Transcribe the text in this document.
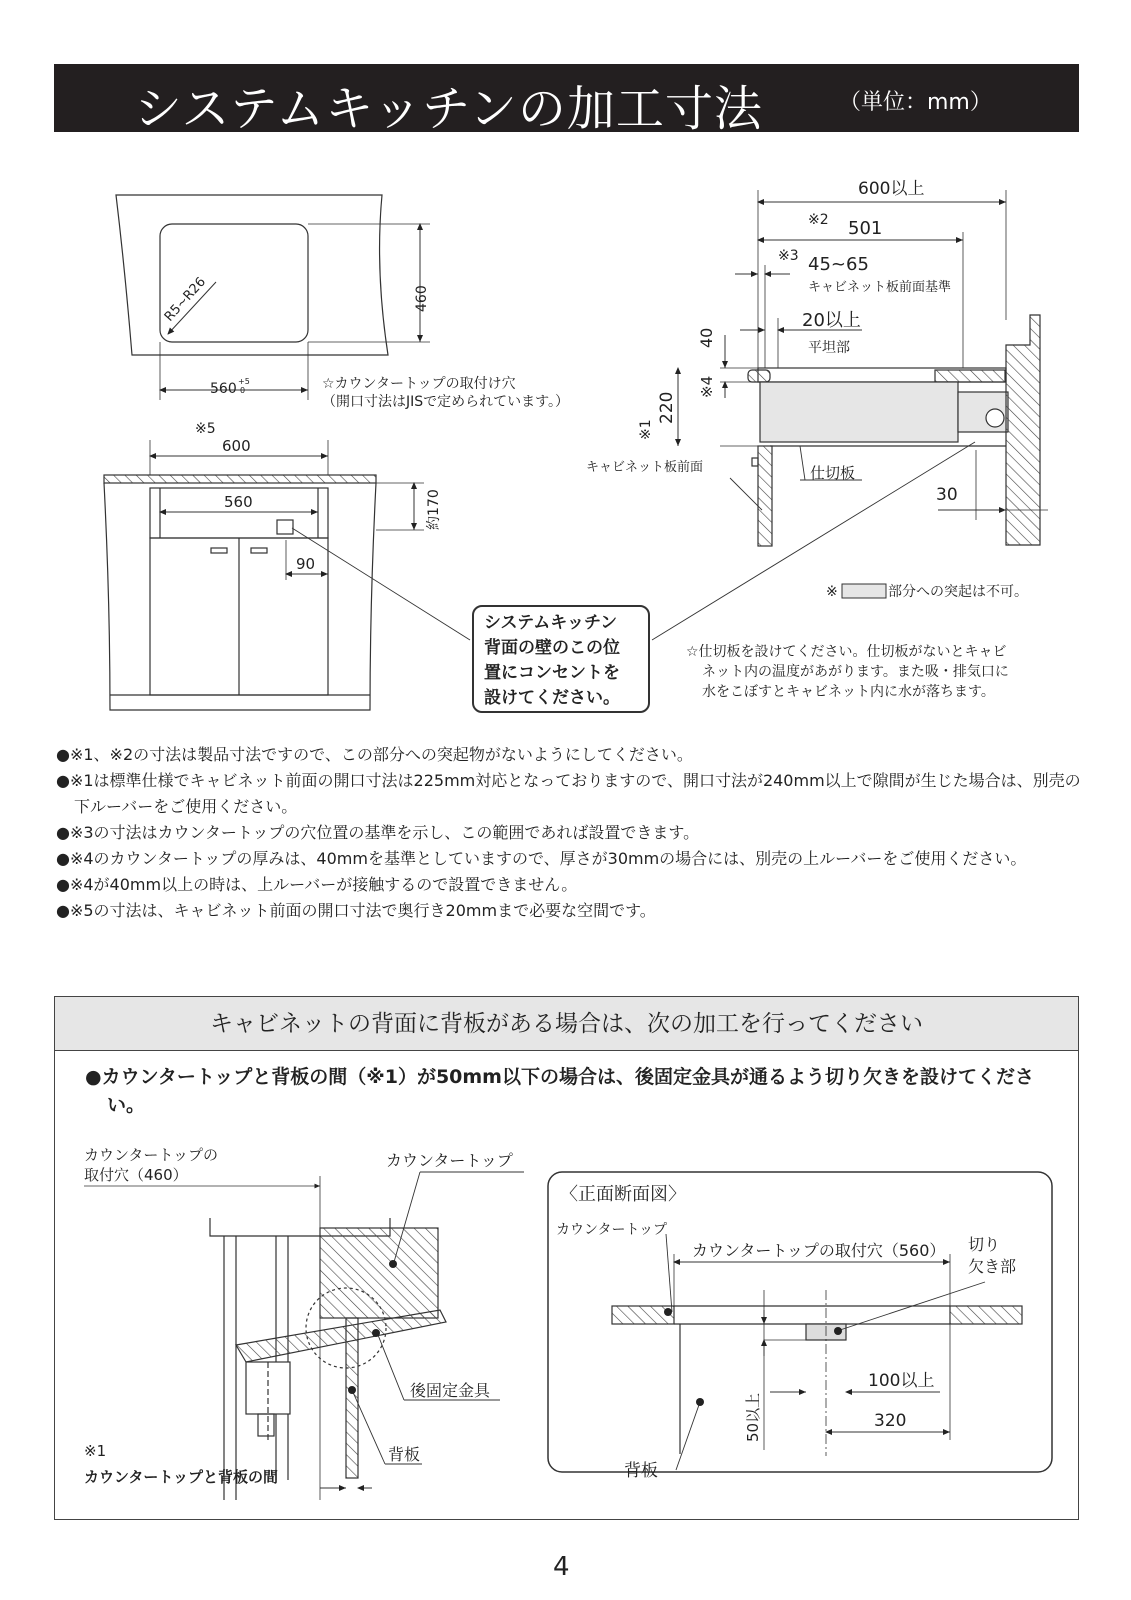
システムキッチンの加工寸法	（単位：mm）
R5~R26	460
560 +5
0	☆カウンタートップの取付け穴
（開口寸法はJISで定められています。）
※5
600
560	約170
90
600以上
※2 501
※3 45~65
キャビネット板前面基準
20以上
平坦部
40
※4
220
※1
キャビネット板前面	仕切板
30
※	部分への突起は不可。
☆仕切板を設けてください。仕切板がないとキャビ
ネット内の温度があがります。また吸・排気口に
水をこぼすとキャビネット内に水が落ちます。
カウンタートップの
取付穴（460）
カウンタートップ
後固定金具
背板
※1
カウンタートップと背板の間
〈正面断面図〉
カウンタートップ
カウンタートップの取付穴（560） 切り
欠き部
100以上
50以上	320
背板
システムキッチン
背面の壁のこの位
置にコンセントを
設けてください。

●※1、※2の寸法は製品寸法ですので、この部分への突起物がないようにしてください。

●※1は標準仕様でキャビネット前面の開口寸法は225mm対応となっておりますので、開口寸法が240mm以上で隙間が生じた場合は、別売の下ルーバーをご使用ください。

●※3の寸法はカウンタートップの穴位置の基準を示し、この範囲であれば設置できます。

●※4のカウンタートップの厚みは、40mmを基準としていますので、厚さが30mmの場合には、別売の上ルーバーをご使用ください。

●※4が40mm以上の時は、上ルーバーが接触するので設置できません。

●※5の寸法は、キャビネット前面の開口寸法で奥行き20mmまで必要な空間です。

キャビネットの背面に背板がある場合は、次の加工を行ってください
●カウンタートップと背板の間（※1）が50mm以下の場合は、後固定金具が通るよう切り欠きを設けてください。
4
